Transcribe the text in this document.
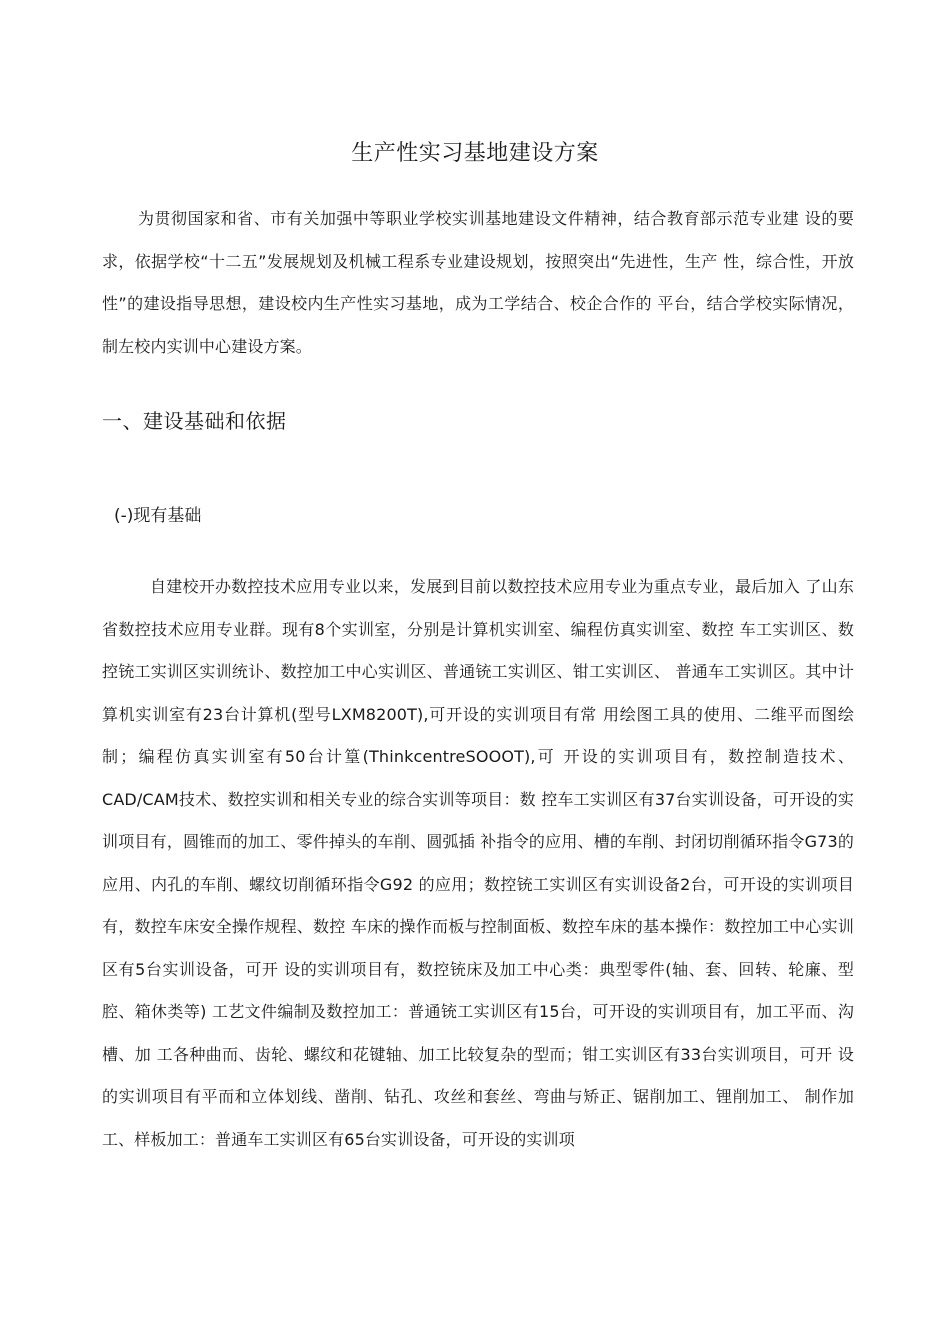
生产性实习基地建设方案

为贯彻国家和省、市有关加强中等职业学校实训基地建设文件精神，结合教育部示范专业建 设的要求，依据学校“十二五”发展规划及机械工程系专业建设规划，按照突出“先进性，生产 性，综合性，开放性”的建设指导思想，建设校内生产性实习基地，成为工学结合、校企合作的 平台，结合学校实际情况，制左校内实训中心建设方案。

一、建设基础和依据
(-)现有基础

自建校开办数控技术应用专业以来，发展到目前以数控技术应用专业为重点专业，最后加入 了山东省数控技术应用专业群。现有8个实训室，分别是计算机实训室、编程仿真实训室、数控 车工实训区、数控铳工实训区实训统讣、数控加工中心实训区、普通铳工实训区、钳工实训区、 普通车工实训区。其中计算机实训室有23台计算机(型号LXM8200T),可开设的实训项目有常 用绘图工具的使用、二维平而图绘制；编程仿真实训室有50台计篁(ThinkcentreSOOOT),可 开设的实训项目有，数控制造技术、CAD/CAM技术、数控实训和相关专业的综合实训等项目：数 控车工实训区有37台实训设备，可开设的实训项目有，圆锥而的加工、零件掉头的车削、圆弧插 补指令的应用、槽的车削、封闭切削循环指令G73的应用、内孔的车削、螺纹切削循环指令G92 的应用；数控铳工实训区有实训设备2台，可开设的实训项目有，数控车床安全操作规程、数控 车床的操作而板与控制面板、数控车床的基本操作：数控加工中心实训区有5台实训设备，可开 设的实训项目有，数控铳床及加工中心类：典型零件(轴、套、回转、轮廉、型腔、箱休类等) 工艺文件编制及数控加工：普通铳工实训区有15台，可开设的实训项目有，加工平而、沟槽、加 工各种曲而、齿轮、螺纹和花键轴、加工比较复杂的型而；钳工实训区有33台实训项目，可开 设的实训项目有平而和立体划线、凿削、钻孔、攻丝和套丝、弯曲与矫正、锯削加工、锂削加工、 制作加工、样板加工：普通车工实训区有65台实训设备，可开设的实训项
